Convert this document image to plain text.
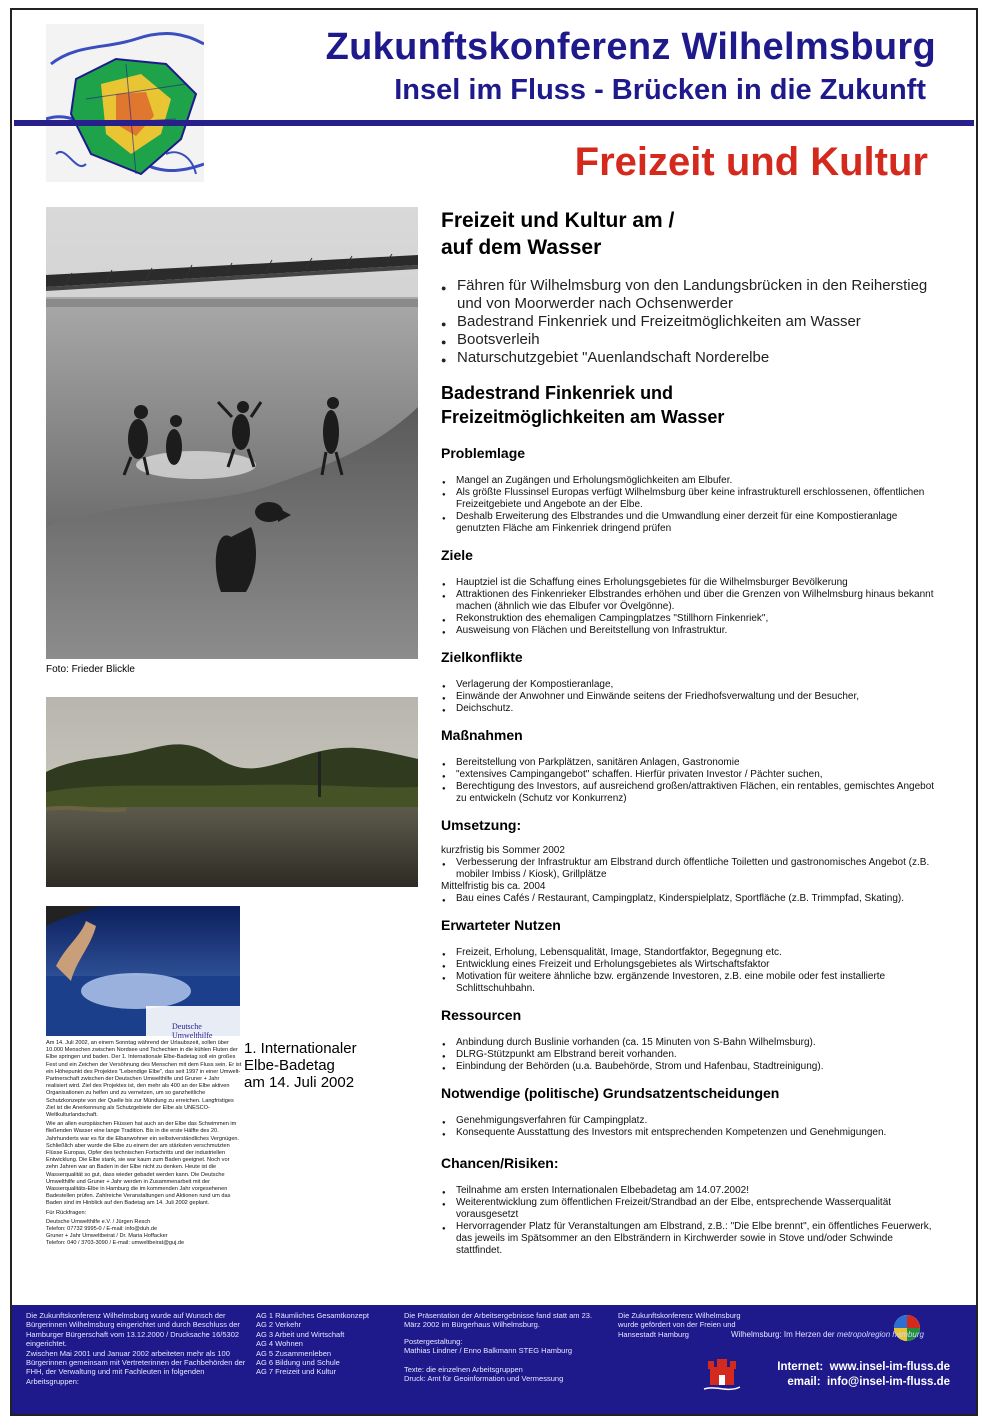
Zukunftskonferenz Wilhelmsburg
Insel im Fluss - Brücken in die Zukunft
Freizeit und Kultur
Foto: Frieder Blickle
Deutsche Umwelthilfe

Am 14. Juli 2002, an einem Sonntag während der Urlaubszeit, sollen über 10.000 Menschen zwischen Nordsee und Tschechien in die kühlen Fluten der Elbe springen und baden. Der 1. Internationale Elbe-Badetag soll ein großes Fest und ein Zeichen der Versöhnung des Menschen mit dem Fluss sein. Er ist ein Höhepunkt des Projektes "Lebendige Elbe", das seit 1997 in einer Umwelt-Partnerschaft zwischen der Deutschen Umwelthilfe und Gruner + Jahr realisiert wird. Ziel des Projektes ist, den mehr als 400 an der Elbe aktiven Organisationen zu helfen und zu vernetzen, um so ganzheitliche Schutzkonzepte von der Quelle bis zur Mündung zu erreichen. Langfristiges Ziel ist die Anerkennung als Schutzgebiete der Elbe als UNESCO-Weltkulturlandschaft.

Wie an allen europäischen Flüssen hat auch an der Elbe das Schwimmen im fließenden Wasser eine lange Tradition. Bis in die erste Hälfte des 20. Jahrhunderts war es für die Elbanwohner ein selbstverständliches Vergnügen. Schließlich aber wurde die Elbe zu einem der am stärksten verschmutzten Flüsse Europas, Opfer des technischen Fortschritts und der industriellen Entwicklung. Die Elbe stank, sie war kaum zum Baden geeignet. Noch vor zehn Jahren war an Baden in der Elbe nicht zu denken. Heute ist die Wasserqualität so gut, dass wieder gebadet werden kann. Die Deutsche Umwelthilfe und Gruner + Jahr werden in Zusammenarbeit mit der Wasserqualitäts-Elbe in Hamburg die im kommenden Jahr vorgesehenen Badestellen prüfen. Zahlreiche Veranstaltungen und Aktionen rund um das Baden sind im Hinblick auf den Badetag am 14. Juli 2002 geplant.

Für Rückfragen:

Deutsche Umwelthilfe e.V. / Jürgen Resch
Telefon: 07732 9995-0 / E-mail: info@duh.de

Gruner + Jahr Umweltbeirat / Dr. Maria Hoffacker
Telefon: 040 / 3703-3090 / E-mail: umweltbeirat@guj.de

1. Internationaler
Elbe-Badetag
am 14. Juli 2002
Freizeit und Kultur am /
auf dem Wasser
● Fähren für Wilhelmsburg von den Landungsbrücken in den Reiherstieg und von Moorwerder nach Ochsenwerder
● Badestrand Finkenriek und Freizeitmöglichkeiten am Wasser
● Bootsverleih
● Naturschutzgebiet "Auenlandschaft Norderelbe
Badestrand Finkenriek und
Freizeitmöglichkeiten am Wasser
Problemlage
● Mangel an Zugängen und Erholungsmöglichkeiten am Elbufer.
● Als größte Flussinsel Europas verfügt Wilhelmsburg über keine infrastrukturell erschlossenen, öffentlichen Freizeitgebiete und Angebote an der Elbe.
● Deshalb Erweiterung des Elbstrandes und die Umwandlung einer derzeit für eine Kompostieranlage genutzten Fläche am Finkenriek dringend prüfen
Ziele
● Hauptziel ist die Schaffung eines Erholungsgebietes für die Wilhelmsburger Bevölkerung
● Attraktionen des Finkenrieker Elbstrandes erhöhen und über die Grenzen von Wilhelmsburg hinaus bekannt machen (ähnlich wie das Elbufer vor Övelgönne).
● Rekonstruktion des ehemaligen Campingplatzes "Stillhorn Finkenriek",
● Ausweisung von Flächen und Bereitstellung von Infrastruktur.
Zielkonflikte
● Verlagerung der Kompostieranlage,
● Einwände der Anwohner und Einwände seitens der Friedhofsverwaltung und der Besucher,
● Deichschutz.
Maßnahmen
● Bereitstellung von Parkplätzen, sanitären Anlagen, Gastronomie
● "extensives Campingangebot" schaffen. Hierfür privaten Investor / Pächter suchen,
● Berechtigung des Investors, auf ausreichend großen/attraktiven Flächen, ein rentables, gemischtes Angebot zu entwickeln (Schutz vor Konkurrenz)
Umsetzung:
kurzfristig bis Sommer 2002
● Verbesserung der Infrastruktur am Elbstrand durch öffentliche Toiletten und gastronomisches Angebot (z.B. mobiler Imbiss / Kiosk), Grillplätze
Mittelfristig bis ca. 2004
● Bau eines Cafés / Restaurant, Campingplatz, Kinderspielplatz, Sportfläche (z.B. Trimmpfad, Skating).
Erwarteter Nutzen
● Freizeit, Erholung, Lebensqualität, Image, Standortfaktor, Begegnung etc.
● Entwicklung eines Freizeit und Erholungsgebietes als Wirtschaftsfaktor
● Motivation für weitere ähnliche bzw. ergänzende Investoren, z.B. eine mobile oder fest installierte Schlittschuhbahn.
Ressourcen
● Anbindung durch Buslinie vorhanden (ca. 15 Minuten von S-Bahn Wilhelmsburg).
● DLRG-Stützpunkt am Elbstrand bereit vorhanden.
● Einbindung der Behörden (u.a. Baubehörde, Strom und Hafenbau, Stadtreinigung).
Notwendige (politische) Grundsatzentscheidungen
● Genehmigungsverfahren für Campingplatz.
● Konsequente Ausstattung des Investors mit entsprechenden Kompetenzen und Genehmigungen.
Chancen/Risiken:
● Teilnahme am ersten Internationalen Elbebadetag am 14.07.2002!
● Weiterentwicklung zum öffentlichen Freizeit/Strandbad an der Elbe, entsprechende Wasserqualität vorausgesetzt
● Hervorragender Platz für Veranstaltungen am Elbstrand, z.B.: "Die Elbe brennt", ein öffentliches Feuerwerk, das jeweils im Spätsommer an den Elbsträndern in Kirchwerder sowie in Stove und/oder Schwinde stattfindet.
Die Zukunftskonferenz Wilhelmsburg wurde auf Wunsch der Bürgerinnen Wilhelmsburg eingerichtet und durch Beschluss der Hamburger Bürgerschaft vom 13.12.2000 / Drucksache 16/5302 eingerichtet.
Zwischen Mai 2001 und Januar 2002 arbeiteten mehr als 100 Bürgerinnen gemeinsam mit Vertreterinnen der Fachbehörden der FHH, der Verwaltung und mit Fachleuten in folgenden Arbeitsgruppen:
AG 1 Räumliches Gesamtkonzept
AG 2 Verkehr
AG 3 Arbeit und Wirtschaft
AG 4 Wohnen
AG 5 Zusammenleben
AG 6 Bildung und Schule
AG 7 Freizeit und Kultur
Die Präsentation der Arbeitsergebnisse fand statt am 23. März 2002 im Bürgerhaus Wilhelmsburg.
Postergestaltung:
Mathias Lindner / Enno Balkmann STEG Hamburg
Texte: die einzelnen Arbeitsgruppen
Druck: Amt für Geoinformation und Vermessung
Die Zukunftskonferenz Wilhelmsburg wurde gefördert von der Freien und Hansestadt Hamburg	Wilhelmsburg: Im Herzen der metropolregion hamburg
Internet: www.insel-im-fluss.de
email: info@insel-im-fluss.de
